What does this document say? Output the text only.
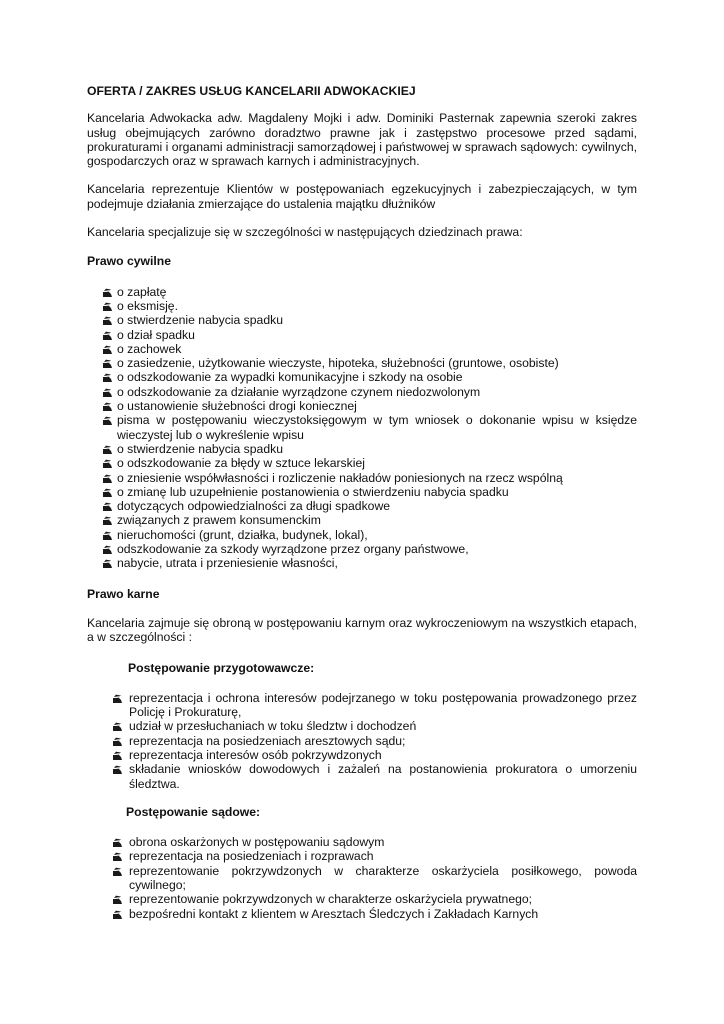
OFERTA / ZAKRES USŁUG KANCELARII ADWOKACKIEJ

Kancelaria Adwokacka adw. Magdaleny Mojki i adw. Dominiki Pasternak zapewnia szeroki zakres usług obejmujących zarówno doradztwo prawne jak i zastępstwo procesowe przed sądami, prokuraturami i organami administracji samorządowej i państwowej w sprawach sądowych: cywilnych, gospodarczych oraz w sprawach karnych i administracyjnych.

Kancelaria reprezentuje Klientów w postępowaniach egzekucyjnych i zabezpieczających, w tym podejmuje działania zmierzające do ustalenia majątku dłużników

Kancelaria specjalizuje się w szczególności w następujących dziedzinach prawa:

Prawo cywilne

o zapłatę
o eksmisję.
o stwierdzenie nabycia spadku
o dział spadku
o zachowek
o zasiedzenie, użytkowanie wieczyste, hipoteka, służebności (gruntowe, osobiste)
o odszkodowanie za wypadki komunikacyjne i szkody na osobie
o odszkodowanie za działanie wyrządzone czynem niedozwolonym
o ustanowienie służebności drogi koniecznej
pisma w postępowaniu wieczystoksięgowym w tym wniosek o dokonanie wpisu w księdze wieczystej lub o wykreślenie wpisu
o stwierdzenie nabycia spadku
o odszkodowanie za błędy w sztuce lekarskiej
o zniesienie współwłasności i rozliczenie nakładów poniesionych na rzecz wspólną
o zmianę lub uzupełnienie postanowienia o stwierdzeniu nabycia spadku
dotyczących odpowiedzialności za długi spadkowe
związanych z prawem konsumenckim
nieruchomości (grunt, działka, budynek, lokal),
odszkodowanie za szkody wyrządzone przez organy państwowe,
nabycie, utrata i przeniesienie własności,

Prawo karne

Kancelaria zajmuje się obroną w postępowaniu karnym oraz wykroczeniowym na wszystkich etapach, a w szczególności :

Postępowanie przygotowawcze:

reprezentacja i ochrona interesów podejrzanego w toku postępowania prowadzonego przez Policję i Prokuraturę,
udział w przesłuchaniach w toku śledztw i dochodzeń
reprezentacja na posiedzeniach aresztowych sądu;
reprezentacja interesów osób pokrzywdzonych
składanie wniosków dowodowych i zażaleń na postanowienia prokuratora o umorzeniu śledztwa.

Postępowanie sądowe:

obrona oskarżonych w postępowaniu sądowym
reprezentacja na posiedzeniach i rozprawach
reprezentowanie pokrzywdzonych w charakterze oskarżyciela posiłkowego, powoda cywilnego;
reprezentowanie pokrzywdzonych w charakterze oskarżyciela prywatnego;
bezpośredni kontakt z klientem w Aresztach Śledczych i Zakładach Karnych
